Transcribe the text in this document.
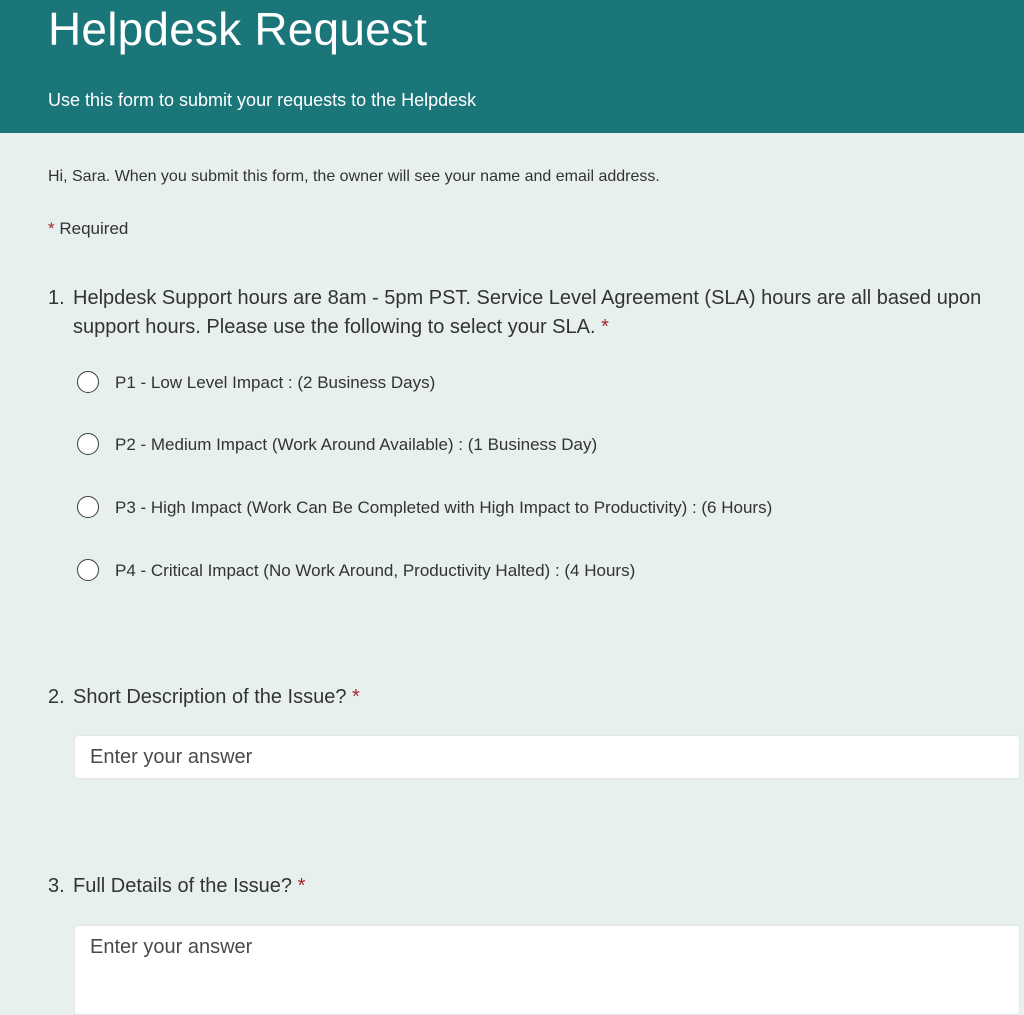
Helpdesk Request
Use this form to submit your requests to the Helpdesk
Hi, Sara. When you submit this form, the owner will see your name and email address.
* Required
1. Helpdesk Support hours are 8am - 5pm PST. Service Level Agreement (SLA) hours are all based upon support hours. Please use the following to select your SLA. *
P1 - Low Level Impact : (2 Business Days)
P2 - Medium Impact (Work Around Available) : (1 Business Day)
P3 - High Impact (Work Can Be Completed with High Impact to Productivity) : (6 Hours)
P4 - Critical Impact (No Work Around, Productivity Halted) : (4 Hours)
2. Short Description of the Issue? *
Enter your answer
3. Full Details of the Issue? *
Enter your answer
